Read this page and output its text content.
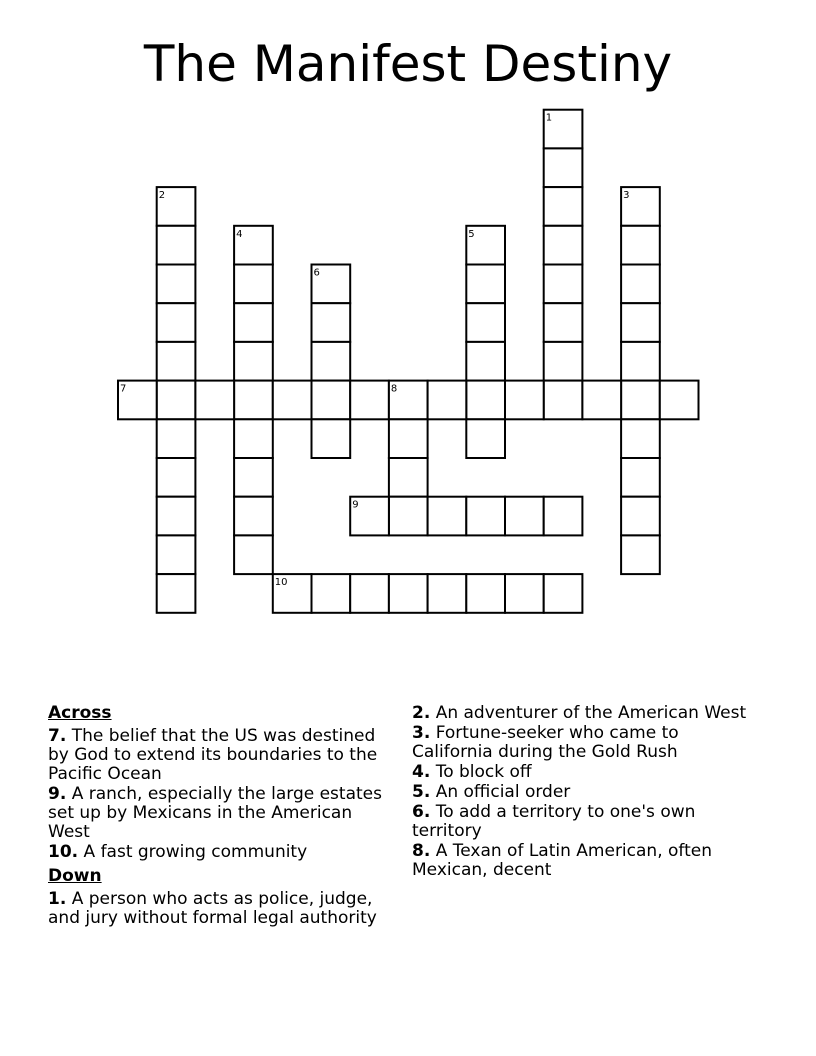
The Manifest Destiny
1
2	3
4	5
6
7	8
9
10
Across
7. The belief that the US was destined by God to extend its boundaries to the Pacific Ocean
9. A ranch, especially the large estates set up by Mexicans in the American West
10. A fast growing community
Down
1. A person who acts as police, judge, and jury without formal legal authority
2. An adventurer of the American West
3. Fortune-seeker who came to California during the Gold Rush
4. To block off
5. An official order
6. To add a territory to one's own territory
8. A Texan of Latin American, often Mexican, decent
